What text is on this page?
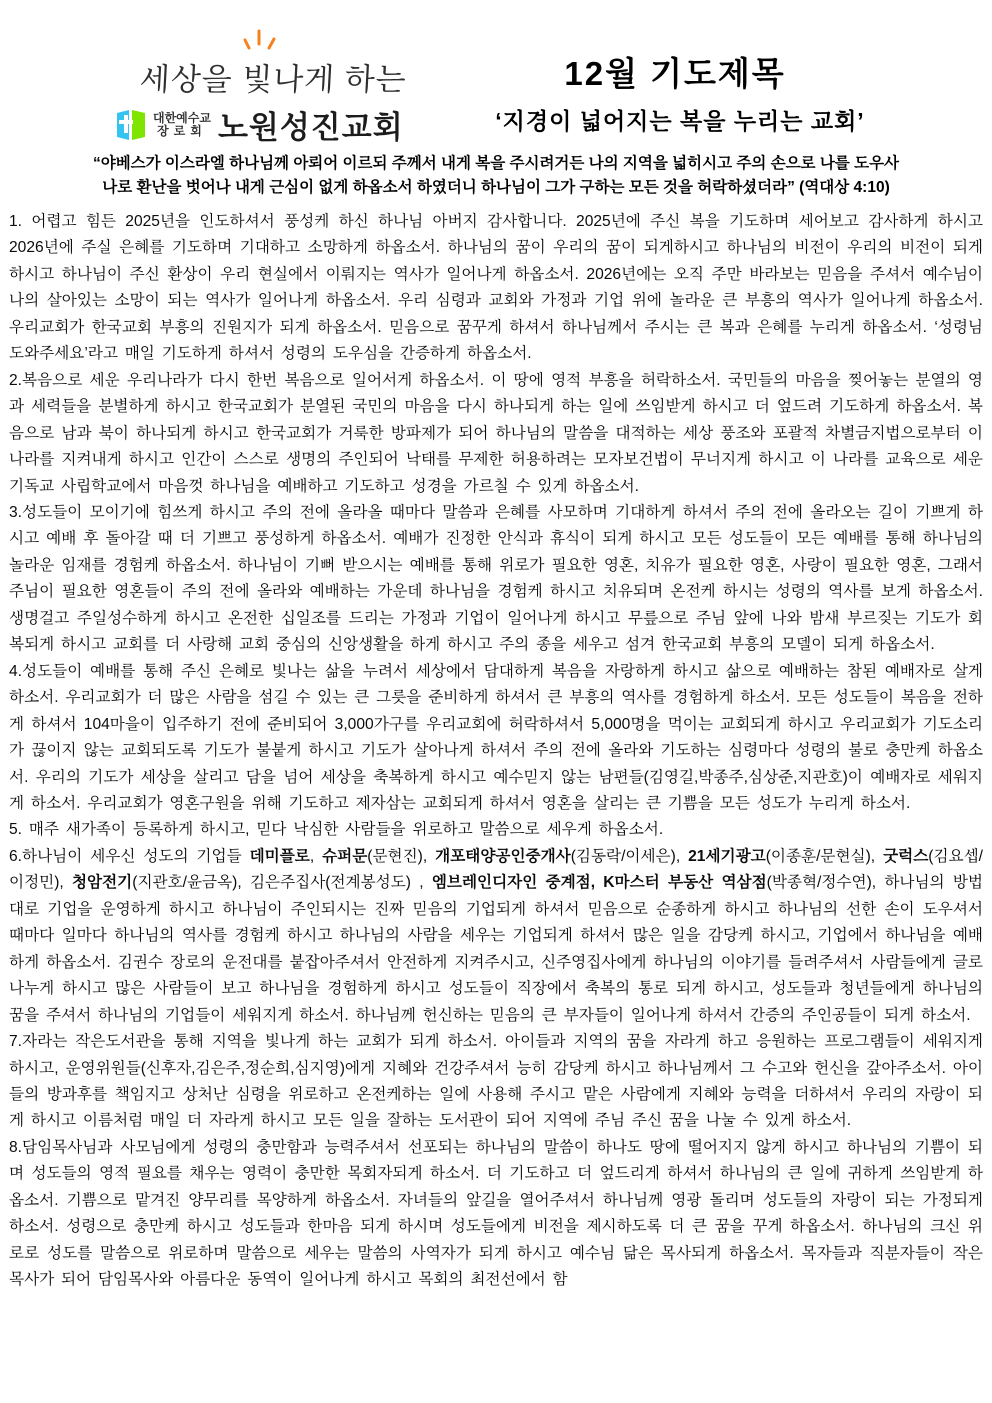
세상을 빛나게 하는
대한예수교
장로회 노원성진교회
12월 기도제목
‘지경이 넓어지는 복을 누리는 교회’
“야베스가 이스라엘 하나님께 아뢰어 이르되 주께서 내게 복을 주시려거든 나의 지역을 넓히시고 주의 손으로 나를 도우사
나로 환난을 벗어나 내게 근심이 없게 하옵소서 하였더니 하나님이 그가 구하는 모든 것을 허락하셨더라” (역대상 4:10)
1. 어렵고 힘든 2025년을 인도하셔서 풍성케 하신 하나님 아버지 감사합니다. 2025년에 주신 복을 기도하며 세어보고 감사하게 하시고 2026년에 주실 은혜를 기도하며 기대하고 소망하게 하옵소서. 하나님의 꿈이 우리의 꿈이 되게하시고 하나님의 비전이 우리의 비전이 되게 하시고 하나님이 주신 환상이 우리 현실에서 이뤄지는 역사가 일어나게 하옵소서. 2026년에는 오직 주만 바라보는 믿음을 주셔서 예수님이 나의 살아있는 소망이 되는 역사가 일어나게 하옵소서. 우리 심령과 교회와 가정과 기업 위에 놀라운 큰 부흥의 역사가 일어나게 하옵소서. 우리교회가 한국교회 부흥의 진원지가 되게 하옵소서. 믿음으로 꿈꾸게 하셔서 하나님께서 주시는 큰 복과 은혜를 누리게 하옵소서. ‘성령님 도와주세요’라고 매일 기도하게 하셔서 성령의 도우심을 간증하게 하옵소서.
2.복음으로 세운 우리나라가 다시 한번 복음으로 일어서게 하옵소서. 이 땅에 영적 부흥을 허락하소서. 국민들의 마음을 찢어놓는 분열의 영과 세력들을 분별하게 하시고 한국교회가 분열된 국민의 마음을 다시 하나되게 하는 일에 쓰임받게 하시고 더 엎드려 기도하게 하옵소서. 복음으로 남과 북이 하나되게 하시고 한국교회가 거룩한 방파제가 되어 하나님의 말씀을 대적하는 세상 풍조와 포괄적 차별금지법으로부터 이 나라를 지켜내게 하시고 인간이 스스로 생명의 주인되어 낙태를 무제한 허용하려는 모자보건법이 무너지게 하시고 이 나라를 교육으로 세운 기독교 사립학교에서 마음껏 하나님을 예배하고 기도하고 성경을 가르칠 수 있게 하옵소서.
3.성도들이 모이기에 힘쓰게 하시고 주의 전에 올라올 때마다 말씀과 은혜를 사모하며 기대하게 하셔서 주의 전에 올라오는 길이 기쁘게 하시고 예배 후 돌아갈 때 더 기쁘고 풍성하게 하옵소서. 예배가 진정한 안식과 휴식이 되게 하시고 모든 성도들이 모든 예배를 통해 하나님의 놀라운 임재를 경험케 하옵소서. 하나님이 기뻐 받으시는 예배를 통해 위로가 필요한 영혼, 치유가 필요한 영혼, 사랑이 필요한 영혼, 그래서 주님이 필요한 영혼들이 주의 전에 올라와 예배하는 가운데 하나님을 경험케 하시고 치유되며 온전케 하시는 성령의 역사를 보게 하옵소서. 생명걸고 주일성수하게 하시고 온전한 십일조를 드리는 가정과 기업이 일어나게 하시고 무릎으로 주님 앞에 나와 밤새 부르짖는 기도가 회복되게 하시고 교회를 더 사랑해 교회 중심의 신앙생활을 하게 하시고 주의 종을 세우고 섬겨 한국교회 부흥의 모델이 되게 하옵소서.
4.성도들이 예배를 통해 주신 은혜로 빛나는 삶을 누려서 세상에서 담대하게 복음을 자랑하게 하시고 삶으로 예배하는 참된 예배자로 살게 하소서. 우리교회가 더 많은 사람을 섬길 수 있는 큰 그릇을 준비하게 하셔서 큰 부흥의 역사를 경험하게 하소서. 모든 성도들이 복음을 전하게 하셔서 104마을이 입주하기 전에 준비되어 3,000가구를 우리교회에 허락하셔서 5,000명을 먹이는 교회되게 하시고 우리교회가 기도소리가 끊이지 않는 교회되도록 기도가 불붙게 하시고 기도가 살아나게 하셔서 주의 전에 올라와 기도하는 심령마다 성령의 불로 충만케 하옵소서. 우리의 기도가 세상을 살리고 담을 넘어 세상을 축복하게 하시고 예수믿지 않는 남편들(김영길,박종주,심상준,지관호)이 예배자로 세워지게 하소서. 우리교회가 영혼구원을 위해 기도하고 제자삼는 교회되게 하셔서 영혼을 살리는 큰 기쁨을 모든 성도가 누리게 하소서.
5. 매주 새가족이 등록하게 하시고, 믿다 낙심한 사람들을 위로하고 말씀으로 세우게 하옵소서.
6.하나님이 세우신 성도의 기업들 데미플로, 슈퍼문(문현진), 개포태양공인중개사(김동락/이세은), 21세기광고(이종훈/문현실), 굿럭스(김요셉/이정민), 청암전기(지관호/윤금옥), 김은주집사(전계봉성도) , 엠브레인디자인 중계점, K마스터 부동산 역삼점(박종혁/정수연), 하나님의 방법대로 기업을 운영하게 하시고 하나님이 주인되시는 진짜 믿음의 기업되게 하셔서 믿음으로 순종하게 하시고 하나님의 선한 손이 도우셔서 때마다 일마다 하나님의 역사를 경험케 하시고 하나님의 사람을 세우는 기업되게 하셔서 많은 일을 감당케 하시고, 기업에서 하나님을 예배하게 하옵소서. 김권수 장로의 운전대를 붙잡아주셔서 안전하게 지켜주시고, 신주영집사에게 하나님의 이야기를 들려주셔서 사람들에게 글로 나누게 하시고 많은 사람들이 보고 하나님을 경험하게 하시고 성도들이 직장에서 축복의 통로 되게 하시고, 성도들과 청년들에게 하나님의 꿈을 주셔서 하나님의 기업들이 세워지게 하소서. 하나님께 헌신하는 믿음의 큰 부자들이 일어나게 하셔서 간증의 주인공들이 되게 하소서.
7.자라는 작은도서관을 통해 지역을 빛나게 하는 교회가 되게 하소서. 아이들과 지역의 꿈을 자라게 하고 응원하는 프로그램들이 세워지게 하시고, 운영위원들(신후자,김은주,정순희,심지영)에게 지혜와 건강주셔서 능히 감당케 하시고 하나님께서 그 수고와 헌신을 갚아주소서. 아이들의 방과후를 책임지고 상처난 심령을 위로하고 온전케하는 일에 사용해 주시고 맡은 사람에게 지혜와 능력을 더하셔서 우리의 자랑이 되게 하시고 이름처럼 매일 더 자라게 하시고 모든 일을 잘하는 도서관이 되어 지역에 주님 주신 꿈을 나눌 수 있게 하소서.
8.담임목사님과 사모님에게 성령의 충만함과 능력주셔서 선포되는 하나님의 말씀이 하나도 땅에 떨어지지 않게 하시고 하나님의 기쁨이 되며 성도들의 영적 필요를 채우는 영력이 충만한 목회자되게 하소서. 더 기도하고 더 엎드리게 하셔서 하나님의 큰 일에 귀하게 쓰임받게 하옵소서. 기쁨으로 맡겨진 양무리를 목양하게 하옵소서. 자녀들의 앞길을 열어주셔서 하나님께 영광 돌리며 성도들의 자랑이 되는 가정되게 하소서. 성령으로 충만케 하시고 성도들과 한마음 되게 하시며 성도들에게 비전을 제시하도록 더 큰 꿈을 꾸게 하옵소서. 하나님의 크신 위로로 성도를 말씀으로 위로하며 말씀으로 세우는 말씀의 사역자가 되게 하시고 예수님 닮은 목사되게 하옵소서. 목자들과 직분자들이 작은 목사가 되어 담임목사와 아름다운 동역이 일어나게 하시고 목회의 최전선에서 함
